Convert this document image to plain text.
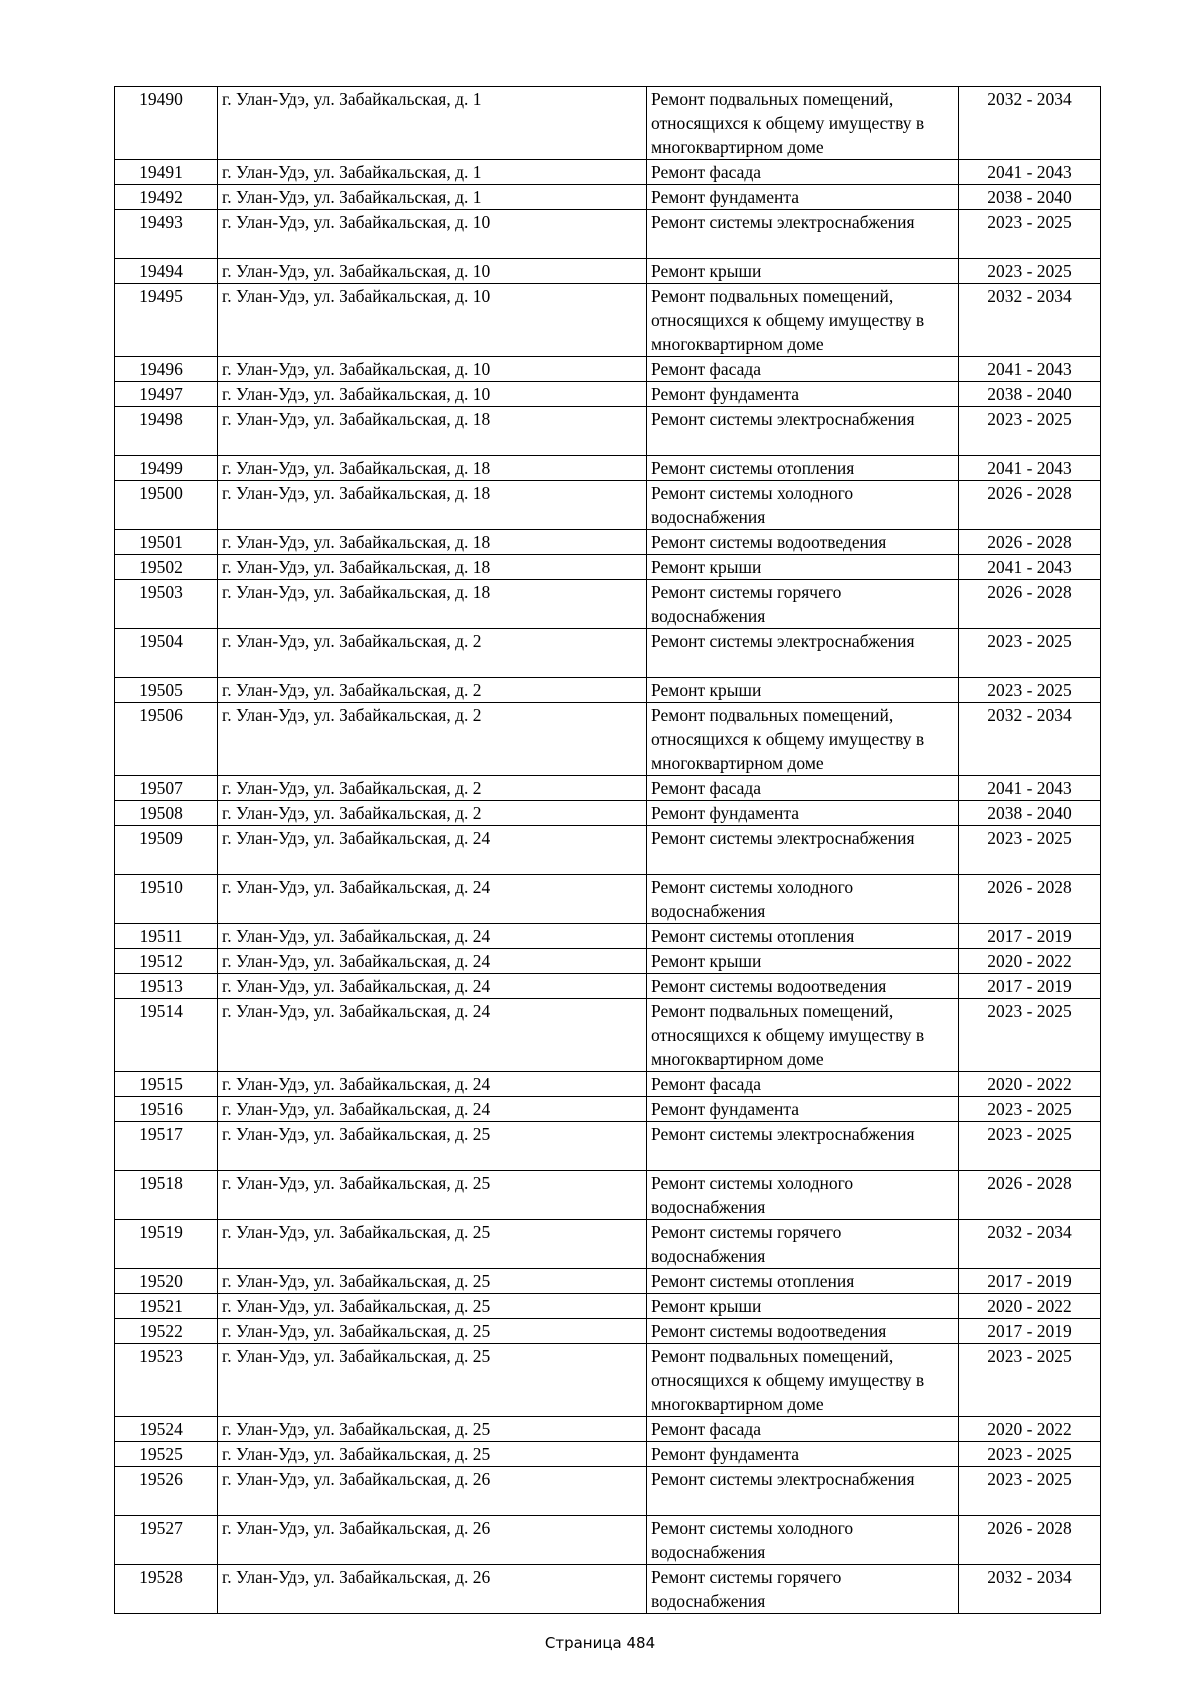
19490	г. Улан-Удэ, ул. Забайкальская, д. 1	Ремонт подвальных помещений, относящихся к общему имуществу в многоквартирном доме	2032 - 2034
19491	г. Улан-Удэ, ул. Забайкальская, д. 1	Ремонт фасада	2041 - 2043
19492	г. Улан-Удэ, ул. Забайкальская, д. 1	Ремонт фундамента	2038 - 2040
19493	г. Улан-Удэ, ул. Забайкальская, д. 10	Ремонт системы электроснабжения	2023 - 2025
19494	г. Улан-Удэ, ул. Забайкальская, д. 10	Ремонт крыши	2023 - 2025
19495	г. Улан-Удэ, ул. Забайкальская, д. 10	Ремонт подвальных помещений, относящихся к общему имуществу в многоквартирном доме	2032 - 2034
19496	г. Улан-Удэ, ул. Забайкальская, д. 10	Ремонт фасада	2041 - 2043
19497	г. Улан-Удэ, ул. Забайкальская, д. 10	Ремонт фундамента	2038 - 2040
19498	г. Улан-Удэ, ул. Забайкальская, д. 18	Ремонт системы электроснабжения	2023 - 2025
19499	г. Улан-Удэ, ул. Забайкальская, д. 18	Ремонт системы отопления	2041 - 2043
19500	г. Улан-Удэ, ул. Забайкальская, д. 18	Ремонт системы холодного водоснабжения	2026 - 2028
19501	г. Улан-Удэ, ул. Забайкальская, д. 18	Ремонт системы водоотведения	2026 - 2028
19502	г. Улан-Удэ, ул. Забайкальская, д. 18	Ремонт крыши	2041 - 2043
19503	г. Улан-Удэ, ул. Забайкальская, д. 18	Ремонт системы горячего водоснабжения	2026 - 2028
19504	г. Улан-Удэ, ул. Забайкальская, д. 2	Ремонт системы электроснабжения	2023 - 2025
19505	г. Улан-Удэ, ул. Забайкальская, д. 2	Ремонт крыши	2023 - 2025
19506	г. Улан-Удэ, ул. Забайкальская, д. 2	Ремонт подвальных помещений, относящихся к общему имуществу в многоквартирном доме	2032 - 2034
19507	г. Улан-Удэ, ул. Забайкальская, д. 2	Ремонт фасада	2041 - 2043
19508	г. Улан-Удэ, ул. Забайкальская, д. 2	Ремонт фундамента	2038 - 2040
19509	г. Улан-Удэ, ул. Забайкальская, д. 24	Ремонт системы электроснабжения	2023 - 2025
19510	г. Улан-Удэ, ул. Забайкальская, д. 24	Ремонт системы холодного водоснабжения	2026 - 2028
19511	г. Улан-Удэ, ул. Забайкальская, д. 24	Ремонт системы отопления	2017 - 2019
19512	г. Улан-Удэ, ул. Забайкальская, д. 24	Ремонт крыши	2020 - 2022
19513	г. Улан-Удэ, ул. Забайкальская, д. 24	Ремонт системы водоотведения	2017 - 2019
19514	г. Улан-Удэ, ул. Забайкальская, д. 24	Ремонт подвальных помещений, относящихся к общему имуществу в многоквартирном доме	2023 - 2025
19515	г. Улан-Удэ, ул. Забайкальская, д. 24	Ремонт фасада	2020 - 2022
19516	г. Улан-Удэ, ул. Забайкальская, д. 24	Ремонт фундамента	2023 - 2025
19517	г. Улан-Удэ, ул. Забайкальская, д. 25	Ремонт системы электроснабжения	2023 - 2025
19518	г. Улан-Удэ, ул. Забайкальская, д. 25	Ремонт системы холодного водоснабжения	2026 - 2028
19519	г. Улан-Удэ, ул. Забайкальская, д. 25	Ремонт системы горячего водоснабжения	2032 - 2034
19520	г. Улан-Удэ, ул. Забайкальская, д. 25	Ремонт системы отопления	2017 - 2019
19521	г. Улан-Удэ, ул. Забайкальская, д. 25	Ремонт крыши	2020 - 2022
19522	г. Улан-Удэ, ул. Забайкальская, д. 25	Ремонт системы водоотведения	2017 - 2019
19523	г. Улан-Удэ, ул. Забайкальская, д. 25	Ремонт подвальных помещений, относящихся к общему имуществу в многоквартирном доме	2023 - 2025
19524	г. Улан-Удэ, ул. Забайкальская, д. 25	Ремонт фасада	2020 - 2022
19525	г. Улан-Удэ, ул. Забайкальская, д. 25	Ремонт фундамента	2023 - 2025
19526	г. Улан-Удэ, ул. Забайкальская, д. 26	Ремонт системы электроснабжения	2023 - 2025
19527	г. Улан-Удэ, ул. Забайкальская, д. 26	Ремонт системы холодного водоснабжения	2026 - 2028
19528	г. Улан-Удэ, ул. Забайкальская, д. 26	Ремонт системы горячего водоснабжения	2032 - 2034
Страница 484
